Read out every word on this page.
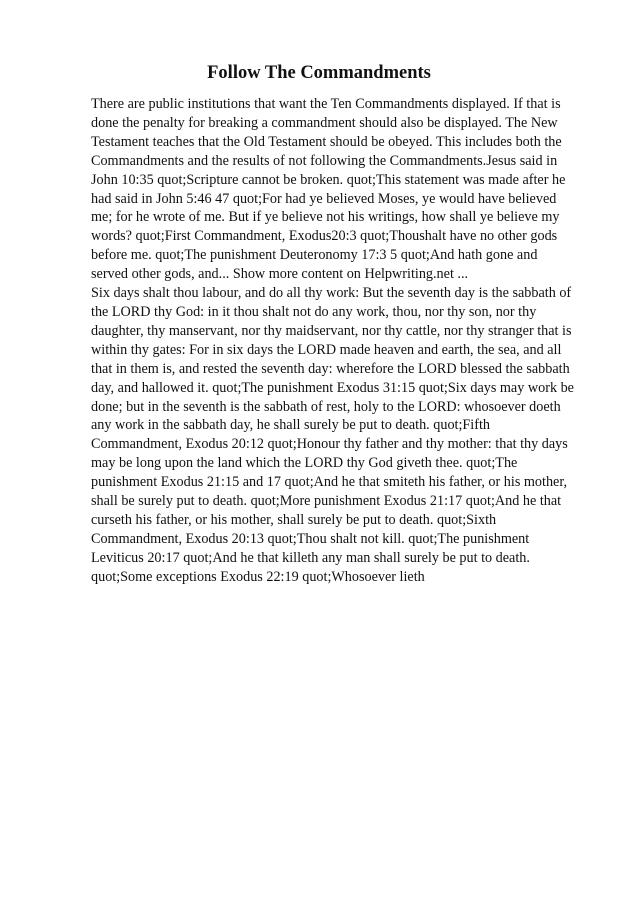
Follow The Commandments

There are public institutions that want the Ten Commandments displayed. If that is
done the penalty for breaking a commandment should also be displayed. The New
Testament teaches that the Old Testament should be obeyed. This includes both the
Commandments and the results of not following the Commandments.Jesus said in
John 10:35 quot;Scripture cannot be broken. quot;This statement was made after he
had said in John 5:46 47 quot;For had ye believed Moses, ye would have believed
me; for he wrote of me. But if ye believe not his writings, how shall ye believe my
words? quot;First Commandment, Exodus20:3 quot;Thoushalt have no other gods
before me. quot;The punishment Deuteronomy 17:3 5 quot;And hath gone and
served other gods, and... Show more content on Helpwriting.net ...

Six days shalt thou labour, and do all thy work: But the seventh day is the sabbath of
the LORD thy God: in it thou shalt not do any work, thou, nor thy son, nor thy
daughter, thy manservant, nor thy maidservant, nor thy cattle, nor thy stranger that is
within thy gates: For in six days the LORD made heaven and earth, the sea, and all
that in them is, and rested the seventh day: wherefore the LORD blessed the sabbath
day, and hallowed it. quot;The punishment Exodus 31:15 quot;Six days may work be
done; but in the seventh is the sabbath of rest, holy to the LORD: whosoever doeth
any work in the sabbath day, he shall surely be put to death. quot;Fifth
Commandment, Exodus 20:12 quot;Honour thy father and thy mother: that thy days
may be long upon the land which the LORD thy God giveth thee. quot;The
punishment Exodus 21:15 and 17 quot;And he that smiteth his father, or his mother,
shall be surely put to death. quot;More punishment Exodus 21:17 quot;And he that
curseth his father, or his mother, shall surely be put to death. quot;Sixth
Commandment, Exodus 20:13 quot;Thou shalt not kill. quot;The punishment
Leviticus 20:17 quot;And he that killeth any man shall surely be put to death.
quot;Some exceptions Exodus 22:19 quot;Whosoever lieth
